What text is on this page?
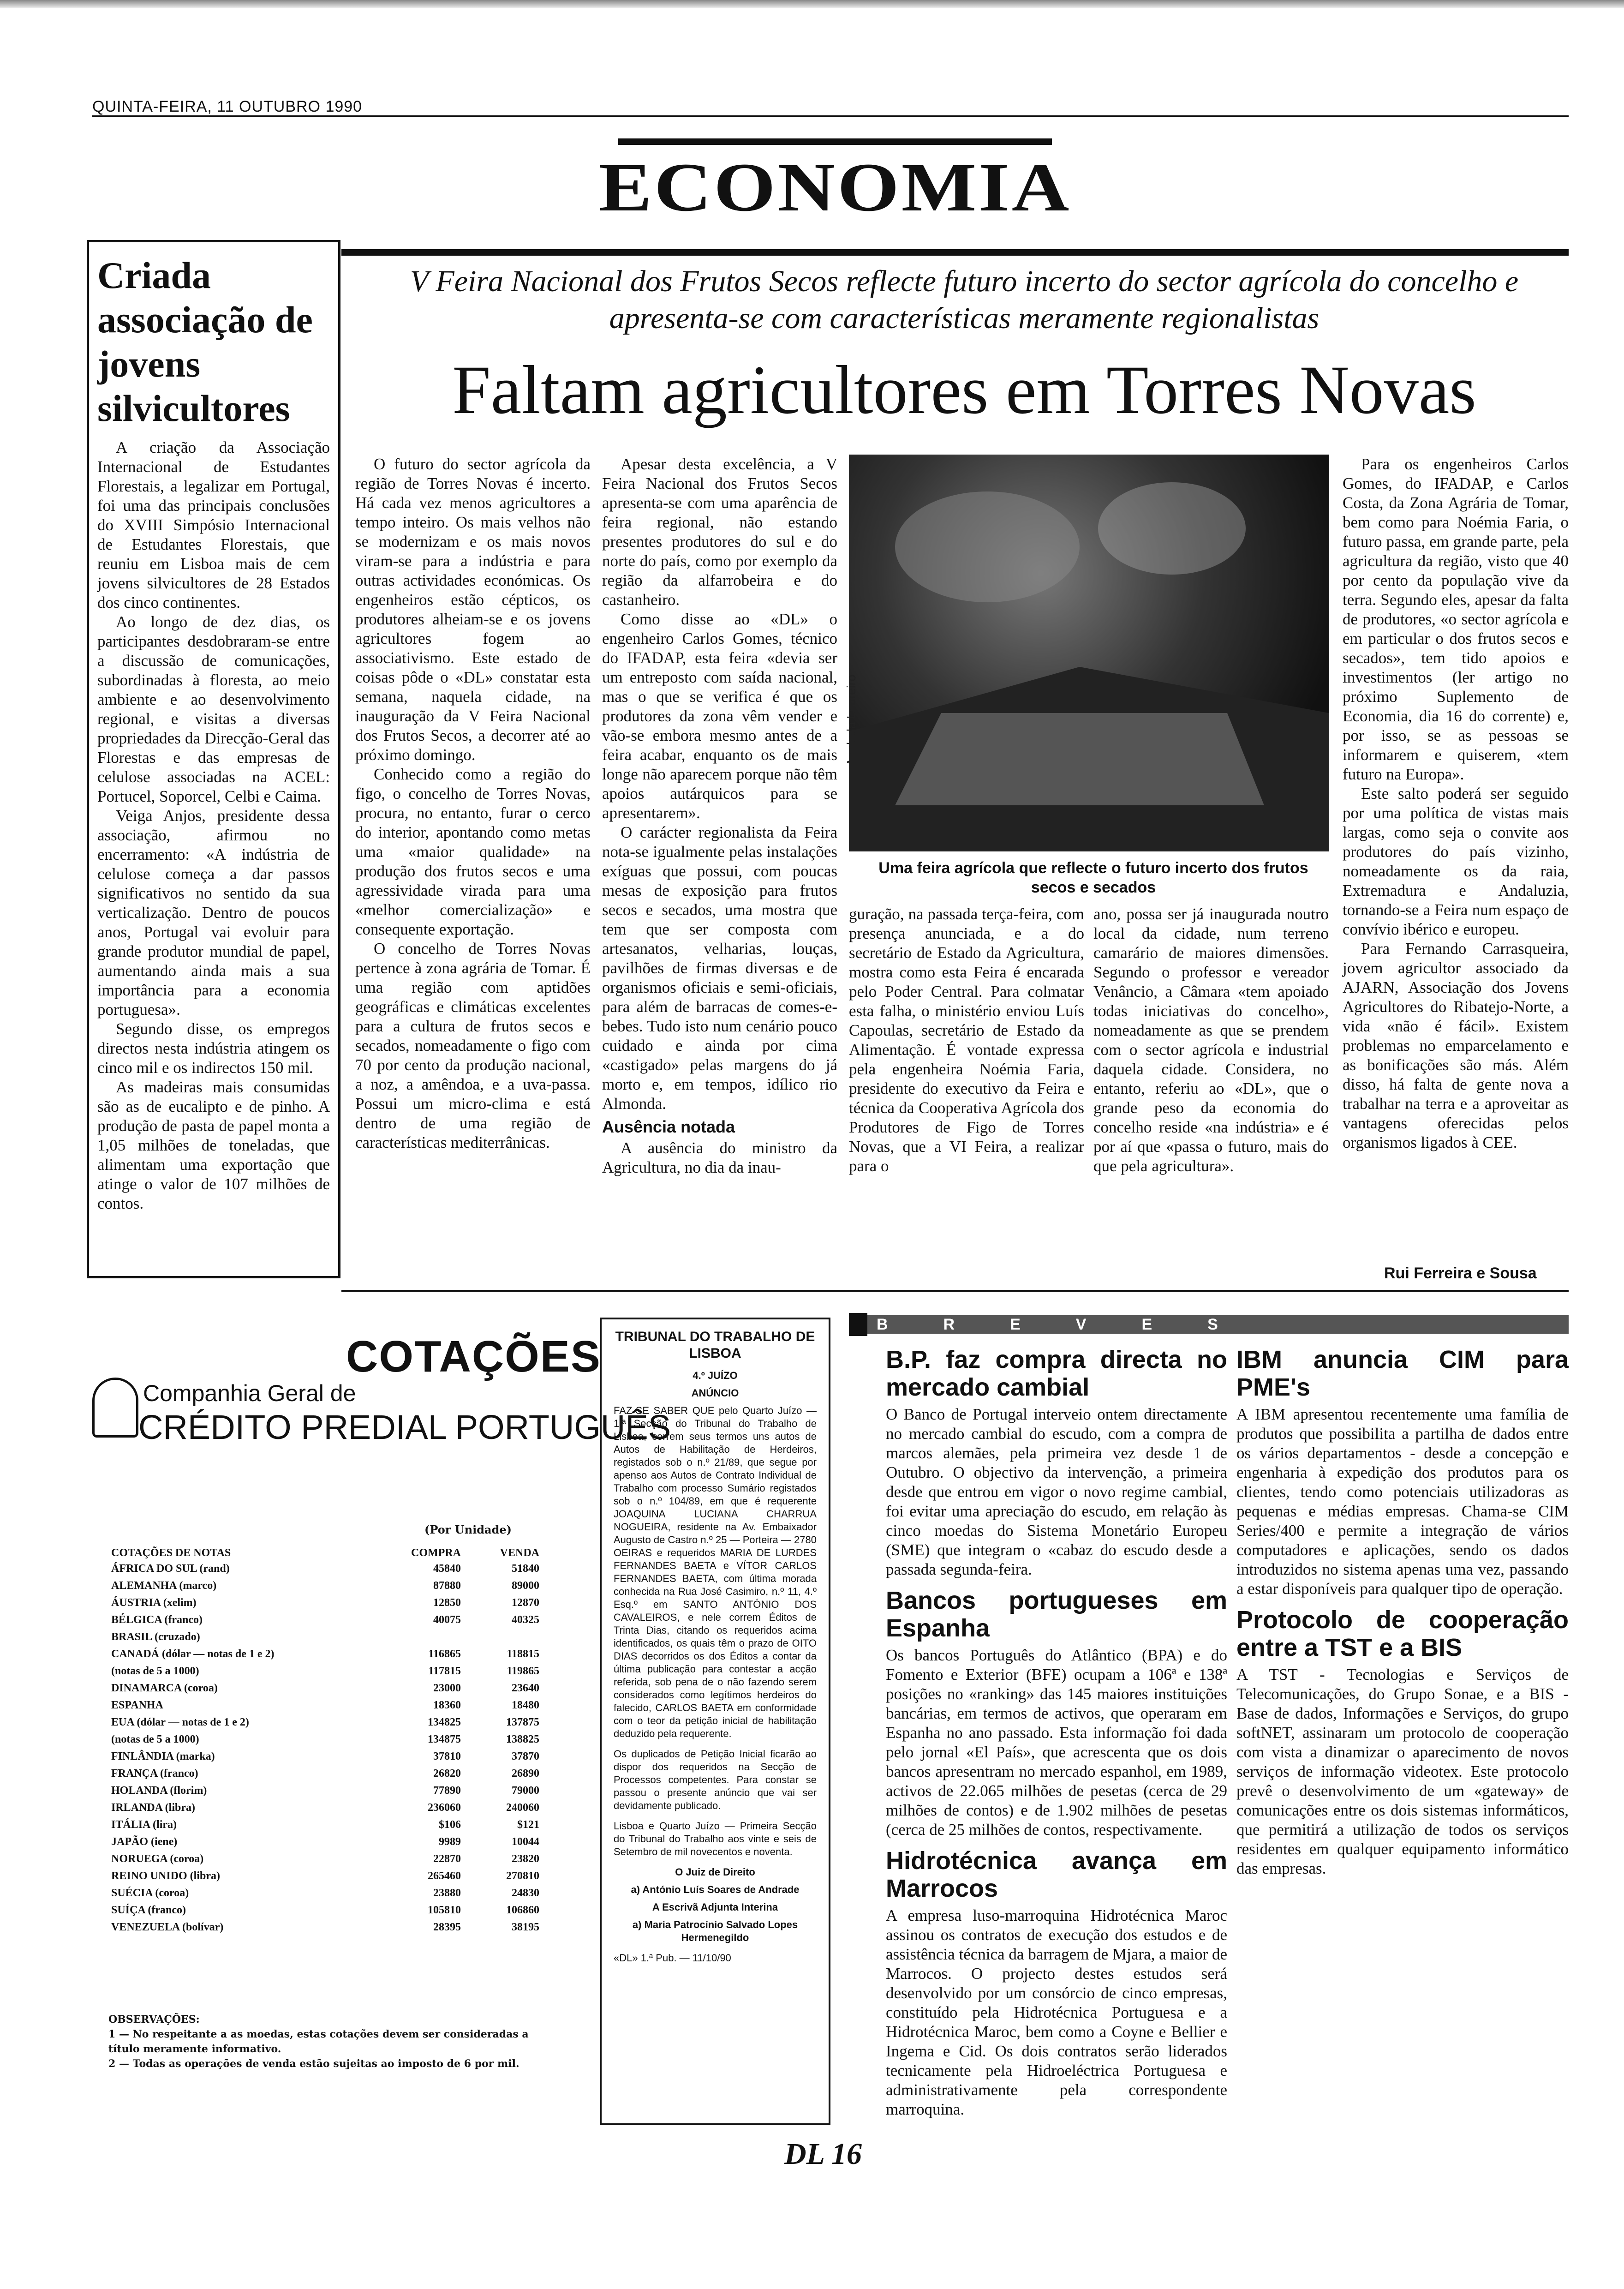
QUINTA-FEIRA, 11 OUTUBRO 1990
ECONOMIA
Criada associação de jovens silvicultores

A criação da Associação Internacional de Estudantes Florestais, a legalizar em Portugal, foi uma das principais conclusões do XVIII Simpósio Internacional de Estudantes Florestais, que reuniu em Lisboa mais de cem jovens silvicultores de 28 Estados dos cinco continentes.

Ao longo de dez dias, os participantes desdobraram-se entre a discussão de comunicações, subordinadas à floresta, ao meio ambiente e ao desenvolvimento regional, e visitas a diversas propriedades da Direcção-Geral das Florestas e das empresas de celulose associadas na ACEL: Portucel, Soporcel, Celbi e Caima.

Veiga Anjos, presidente dessa associação, afirmou no encerramento: «A indústria de celulose começa a dar passos significativos no sentido da sua verticalização. Dentro de poucos anos, Portugal vai evoluir para grande produtor mundial de papel, aumentando ainda mais a sua importância para a economia portuguesa».

Segundo disse, os empregos directos nesta indústria atingem os cinco mil e os indirectos 150 mil.

As madeiras mais consumidas são as de eucalipto e de pinho. A produção de pasta de papel monta a 1,05 milhões de toneladas, que alimentam uma exportação que atinge o valor de 107 milhões de contos.

V Feira Nacional dos Frutos Secos reflecte futuro incerto do sector agrícola do concelho e apresenta-se com características meramente regionalistas
Faltam agricultores em Torres Novas

O futuro do sector agrícola da região de Torres Novas é incerto. Há cada vez menos agricultores a tempo inteiro. Os mais velhos não se modernizam e os mais novos viram-se para a indústria e para outras actividades económicas. Os engenheiros estão cépticos, os produtores alheiam-se e os jovens agricultores fogem ao associativismo. Este estado de coisas pôde o «DL» constatar esta semana, naquela cidade, na inauguração da V Feira Nacional dos Frutos Secos, a decorrer até ao próximo domingo.

Conhecido como a região do figo, o concelho de Torres Novas, procura, no entanto, furar o cerco do interior, apontando como metas uma «maior qualidade» na produção dos frutos secos e uma agressividade virada para uma «melhor comercialização» e consequente exportação.

O concelho de Torres Novas pertence à zona agrária de Tomar. É uma região com aptidões geográficas e climáticas excelentes para a cultura de frutos secos e secados, nomeadamente o figo com 70 por cento da produção nacional, a noz, a amêndoa, e a uva-passa. Possui um micro-clima e está dentro de uma região de características mediterrânicas.

Apesar desta excelência, a V Feira Nacional dos Frutos Secos apresenta-se com uma aparência de feira regional, não estando presentes produtores do sul e do norte do país, como por exemplo da região da alfarrobeira e do castanheiro.

Como disse ao «DL» o engenheiro Carlos Gomes, técnico do IFADAP, esta feira «devia ser um entreposto com saída nacional, mas o que se verifica é que os produtores da zona vêm vender e vão-se embora mesmo antes de a feira acabar, enquanto os de mais longe não aparecem porque não têm apoios autárquicos para se apresentarem».

O carácter regionalista da Feira nota-se igualmente pelas instalações exíguas que possui, com poucas mesas de exposição para frutos secos e secados, uma mostra que tem que ser composta com artesanatos, velharias, louças, pavilhões de firmas diversas e de organismos oficiais e semi-oficiais, para além de barracas de comes-e-bebes. Tudo isto num cenário pouco cuidado e ainda por cima «castigado» pelas margens do já morto e, em tempos, idílico rio Almonda.

Ausência notada

A ausência do ministro da Agricultura, no dia da inau-

Anabela Loureiro
Uma feira agrícola que reflecte o futuro incerto dos frutos secos e secados

guração, na passada terça-feira, com presença anunciada, e a do secretário de Estado da Agricultura, mostra como esta Feira é encarada pelo Poder Central. Para colmatar esta falha, o ministério enviou Luís Capoulas, secretário de Estado da Alimentação. É vontade expressa pela engenheira Noémia Faria, presidente do executivo da Feira e técnica da Cooperativa Agrícola dos Produtores de Figo de Torres Novas, que a VI Feira, a realizar para o

ano, possa ser já inaugurada noutro local da cidade, num terreno camarário de maiores dimensões. Segundo o professor e vereador Venâncio, a Câmara «tem apoiado todas iniciativas do concelho», nomeadamente as que se prendem com o sector agrícola e industrial daquela cidade. Considera, no entanto, referiu ao «DL», que o grande peso da economia do concelho reside «na indústria» e é por aí que «passa o futuro, mais do que pela agricultura».

Para os engenheiros Carlos Gomes, do IFADAP, e Carlos Costa, da Zona Agrária de Tomar, bem como para Noémia Faria, o futuro passa, em grande parte, pela agricultura da região, visto que 40 por cento da população vive da terra. Segundo eles, apesar da falta de produtores, «o sector agrícola e em particular o dos frutos secos e secados», tem tido apoios e investimentos (ler artigo no próximo Suplemento de Economia, dia 16 do corrente) e, por isso, se as pessoas se informarem e quiserem, «tem futuro na Europa».

Este salto poderá ser seguido por uma política de vistas mais largas, como seja o convite aos produtores do país vizinho, nomeadamente os da raia, Extremadura e Andaluzia, tornando-se a Feira num espaço de convívio ibérico e europeu.

Para Fernando Carrasqueira, jovem agricultor associado da AJARN, Associação dos Jovens Agricultores do Ribatejo-Norte, a vida «não é fácil». Existem problemas no emparcelamento e as bonificações são más. Além disso, há falta de gente nova a trabalhar na terra e a aproveitar as vantagens oferecidas pelos organismos ligados à CEE.

Rui Ferreira e Sousa
COTAÇÕES
Companhia Geral de
CRÉDITO PREDIAL PORTUGUÊS
(Por Unidade)
COTAÇÕES DE NOTAS	COMPRA	VENDA
ÁFRICA DO SUL (rand)	45840	51840
ALEMANHA (marco)	87880	89000
ÁUSTRIA (xelim)	12850	12870
BÉLGICA (franco)	40075	40325
BRASIL (cruzado)		
CANADÁ (dólar — notas de 1 e 2)	116865	118815
(notas de 5 a 1000)	117815	119865
DINAMARCA (coroa)	23000	23640
ESPANHA	18360	18480
EUA (dólar — notas de 1 e 2)	134825	137875
(notas de 5 a 1000)	134875	138825
FINLÂNDIA (marka)	37810	37870
FRANÇA (franco)	26820	26890
HOLANDA (florim)	77890	79000
IRLANDA (libra)	236060	240060
ITÁLIA (lira)	$106	$121
JAPÃO (iene)	9989	10044
NORUEGA (coroa)	22870	23820
REINO UNIDO (libra)	265460	270810
SUÉCIA (coroa)	23880	24830
SUÍÇA (franco)	105810	106860
VENEZUELA (bolívar)	28395	38195
OBSERVAÇÕES:
1 — No respeitante a as moedas, estas cotações devem ser consideradas a título meramente informativo.
2 — Todas as operações de venda estão sujeitas ao imposto de 6 por mil.
TRIBUNAL DO TRABALHO DE LISBOA
4.º JUÍZO
ANÚNCIO

FAZ-SE SABER QUE pelo Quarto Juízo — 1.ª Secção do Tribunal do Trabalho de Lisboa, correm seus termos uns autos de Autos de Habilitação de Herdeiros, registados sob o n.º 21/89, que segue por apenso aos Autos de Contrato Individual de Trabalho com processo Sumário registados sob o n.º 104/89, em que é requerente JOAQUINA LUCIANA CHARRUA NOGUEIRA, residente na Av. Embaixador Augusto de Castro n.º 25 — Porteira — 2780 OEIRAS e requeridos MARIA DE LURDES FERNANDES BAETA e VÍTOR CARLOS FERNANDES BAETA, com última morada conhecida na Rua José Casimiro, n.º 11, 4.º Esq.º em SANTO ANTÓNIO DOS CAVALEIROS, e nele correm Éditos de Trinta Dias, citando os requeridos acima identificados, os quais têm o prazo de OITO DIAS decorridos os dos Éditos a contar da última publicação para contestar a acção referida, sob pena de o não fazendo serem considerados como legítimos herdeiros do falecido, CARLOS BAETA em conformidade com o teor da petição inicial de habilitação deduzido pela requerente.

Os duplicados de Petição Inicial ficarão ao dispor dos requeridos na Secção de Processos competentes. Para constar se passou o presente anúncio que vai ser devidamente publicado.

Lisboa e Quarto Juízo — Primeira Secção do Tribunal do Trabalho aos vinte e seis de Setembro de mil novecentos e noventa.

O Juiz de Direito
a) António Luís Soares de Andrade
A Escrivã Adjunta Interina
a) Maria Patrocínio Salvado Lopes Hermenegildo
«DL» 1.ª Pub. — 11/10/90
BREVES
B.P. faz compra directa no mercado cambial

O Banco de Portugal interveio ontem directamente no mercado cambial do escudo, com a compra de marcos alemães, pela primeira vez desde 1 de Outubro. O objectivo da intervenção, a primeira desde que entrou em vigor o novo regime cambial, foi evitar uma apreciação do escudo, em relação às cinco moedas do Sistema Monetário Europeu (SME) que integram o «cabaz do escudo desde a passada segunda-feira.

Bancos portugueses em Espanha

Os bancos Português do Atlântico (BPA) e do Fomento e Exterior (BFE) ocupam a 106ª e 138ª posições no «ranking» das 145 maiores instituições bancárias, em termos de activos, que operaram em Espanha no ano passado. Esta informação foi dada pelo jornal «El País», que acrescenta que os dois bancos apresentram no mercado espanhol, em 1989, activos de 22.065 milhões de pesetas (cerca de 29 milhões de contos) e de 1.902 milhões de pesetas (cerca de 25 milhões de contos, respectivamente.

Hidrotécnica avança em Marrocos

A empresa luso-marroquina Hidrotécnica Maroc assinou os contratos de execução dos estudos e de assistência técnica da barragem de Mjara, a maior de Marrocos. O projecto destes estudos será desenvolvido por um consórcio de cinco empresas, constituído pela Hidrotécnica Portuguesa e a Hidrotécnica Maroc, bem como a Coyne e Bellier e Ingema e Cid. Os dois contratos serão liderados tecnicamente pela Hidroeléctrica Portuguesa e administrativamente pela correspondente marroquina.

IBM anuncia CIM para PME's

A IBM apresentou recentemente uma família de produtos que possibilita a partilha de dados entre os vários departamentos - desde a concepção e engenharia à expedição dos produtos para os clientes, tendo como potenciais utilizadoras as pequenas e médias empresas. Chama-se CIM Series/400 e permite a integração de vários computadores e aplicações, sendo os dados introduzidos no sistema apenas uma vez, passando a estar disponíveis para qualquer tipo de operação.

Protocolo de cooperação entre a TST e a BIS

A TST - Tecnologias e Serviços de Telecomunicações, do Grupo Sonae, e a BIS - Base de dados, Informações e Serviços, do grupo softNET, assinaram um protocolo de cooperação com vista a dinamizar o aparecimento de novos serviços de informação videotex. Este protocolo prevê o desenvolvimento de um «gateway» de comunicações entre os dois sistemas informáticos, que permitirá a utilização de todos os serviços residentes em qualquer equipamento informático das empresas.

DL 16
